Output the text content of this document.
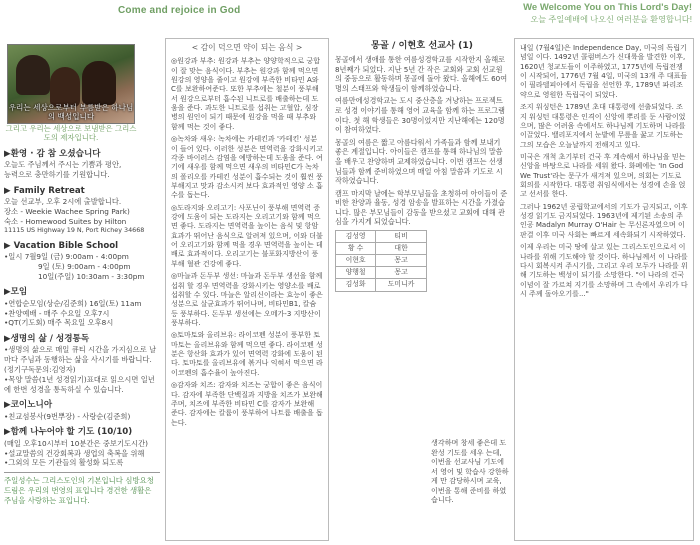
Come and rejoice in God	We Welcome You on This Lord's Day!
오늘 주일예배에 나오신 여러분을 환영합니다!
우리는 세상으로부터 부름받은 하나님의 백성입니다
그리고 우리는 세상으로 보냄받은 그리스도의 제자입니다.
▶환영 · 감 참 오셨습니다

오늘도 주님께서 주시는 기쁨과 평안,

능력으로 충만하기를 기원합니다.

▶ Family Retreat

오늘 선교부, 오후 2시에 출발합니다.

장소 - Weekie Wachee Spring Park)

숙소 - Homewood Suites by Hilton

11115 US Highway 19 N, Port Richey 34668

▶ Vacation Bible School

•일시 7월9일 (금) 9:00am - 4:00pm

9일 (토) 9:00am - 4:00pm

10일(주일) 10:30am - 3:30pm

▶모임

•연합순모임(상순/김준희) 16일(토) 11am

•찬양예배 - 매주 수요일 오후7시

•QT(기도회) 매주 목요일 오후8시

▶생명의 삶 / 성경통독

•생명의 삶으로 매일 큐티 시간을 가지심으로 날마다 주님과 동행하는 삶을 사시기를 바랍니다.(정기구독문의:김영자)

•목양 말씀(1년 성경읽기)표대로 읽으시면 일년에 한번 성경을 통독하실 수 있습니다.

▶코이노니아

•친교섬봉사(9번뿌장) - 사랑순(김준희)

▶함께 나누어야 할 기도 (10/10)

(매일 오후10시부터 10분간은 중보기도시간)

•설교말씀의 건강회복과 생업의 축복을 위해

•그외의 모든 기관들의 활성화 되도록

주일성수는 그리스도인의 기본입니다 심방요청 드림은 우리의 번영의 표입니다 경건한 생활은 주님을 사랑하는 표입니다.
< 감이 덕으면 약이 되는 음식 >

◎원강과 부추: 원강과 부추는 양양학적으로 궁합이 잘 맞는 음식이다. 부추는 원강과 함께 먹으면 원강의 영양을 줄이고 원강에 부족한 비타민 A와 C를 보완하여준다. 또한 부추에는 철분이 풍부해서 원강으로부터 흡수된 니트로를 배출하는데 도움을 준다. 과도한 니트로를 섭취는 고혈압, 심장병의 원인이 되기 때문에 원강을 먹을 때 부추와 함께 먹는 것이 좋다.

◎녹차와 새우: 녹차에는 카테킨과 '카테킨' 성분이 들어 있다. 이러한 성분은 면역력을 강화시키고 각종 바이러스 감염을 예방하는데 도움을 준다. 여기에 새우를 함께 먹으면 새우의 비타민C가 녹차의 폴리오를 카테킨 성분이 흡수되는 것이 훨씬 풍부해지고 맛과 감소시켜 보다 효과적인 영양 소 흡수를 돕는다.

◎도라지와 오리고기: 사포닌이 풍부해 면역력 증강에 도움이 되는 도라지는 오리고기와 함께 먹으면 좋다. 도라지는 면역력을 높이는 음식 및 항암효과가 뛰어난 음식으로 알려져 있으며, 이와 더불어 오리고기와 함께 먹을 경우 면역력을 높이는 데 배로 효과적이다. 오리고기는 불포화지방산이 풍부해 혈관 건강에 좋다.

◎마늘과 돈두부 생선: 마늘과 돈두부 생선을 함께 섭취 할 경우 면역력을 강화시키는 영양소를 배로 섭취할 수 있다. 마늘은 알리신이라는 효능이 좋은 성분으로 살균효과가 뛰어나며, 비타민B1, 칼슘 등 풍부하다. 돈두부 생선에는 오메가-3 지방산이 풍부하다.

◎토마토와 올리브유: 라이코펜 성분이 풍부한 토마토는 올리브유와 함께 먹으면 좋다. 라이코펜 성분은 항산화 효과가 있어 면역력 강화에 도움이 된다. 토마토를 올리브유에 볶거나 익혀서 먹으면 라이코펜의 흡수율이 높아진다.

◎감자와 치즈: 감자와 치즈는 궁합이 좋은 음식이다. 감자에 부족한 단백질과 지방을 치즈가 보완해 주며, 치즈에 부족한 비타민 C를 감자가 보완해 준다. 감자에는 칼륨이 풍부하여 나트륨 배출을 돕는다.

몽골 / 이현호 선교사 (1)

몽골에서 생애를 통한 여름성경학교를 시작한지 올해로 8년째가 되었다. 지난 5년 간 작은 교회와 교회 선교원의 중등으로 활동하며 몽골에 돌아 왔다. 올해에도 60여명의 스태프와 학생들이 함께하였습니다.

여름만에성경학교는 도시 중산층을 겨냥하는 프로젝트로 성경 이야기를 통해 영어 교육을 함께 하는 프로그램이다. 첫 해 학생들은 30명이었지만 지난해에는 120명이 참여하였다.

몽골의 여름은 짧고 아름다워서 가족들과 함께 보내기 좋은 계절입니다. 아이들은 캠프를 통해 하나님의 말씀을 배우고 찬양하며 교제하였습니다. 이번 캠프는 선생님들과 함께 준비하였으며 매일 아침 말씀과 기도로 시작하였습니다.

캠프 마지막 날에는 학부모님들을 초청하여 아이들이 준비한 찬양과 율동, 성경 암송을 발표하는 시간을 가졌습니다. 많은 부모님들이 감동을 받으셨고 교회에 대해 관심을 가지게 되었습니다.

김성영	티비
황 수	대한
이현호	몽고
양행철	몽고
김성화	도미니카
생각하며 창세 좋은데 도 완성 기도를 세우 는데, 이번을 선교사님 기도에서 영어 및 학습사 강한하게 만 감당하시며 교육, 이번을 통해 준비를 하였 습니다.

내일 (7월4일)은 Independence Day, 미국의 독립기념일 이다. 1492년 콜럼버스가 신대륙을 발견한 이후, 1620년 청교도들이 이주하였고, 1775년에 독립전쟁이 시작되어, 1776년 7월 4일, 미국의 13개 주 대표들이 필라델피아에서 독립을 선언한 후, 1789년 파리조약으로 영원한 독립국이 되었다.

조지 워싱턴은 1789년 초대 대통령에 선출되었다. 조지 워싱턴 대통령은 인격이 신앙에 뿌리를 둔 사람이었으며, 많은 어려움 속에서도 하나님께 기도하며 나라를 이끌었다. 밸리포지에서 눈밭에 무릎을 꿇고 기도하는 그의 모습은 오늘날까지 전해지고 있다.

미국은 개척 초기부터 건국 후 계속해서 하나님을 믿는 신앙을 바탕으로 나라를 세워 왔다. 화폐에는 'In God We Trust'라는 문구가 새겨져 있으며, 의회는 기도로 회의를 시작한다. 대통령 취임식에서는 성경에 손을 얹고 선서를 한다.

그러나 1962년 공립학교에서의 기도가 금지되고, 이후 성경 읽기도 금지되었다. 1963년에 제기된 소송의 주인공 Madalyn Murray O'Hair 는 무신론자였으며 이 판결 이후 미국 사회는 빠르게 세속화되기 시작하였다.

이제 우리는 미국 땅에 살고 있는 그리스도인으로서 이 나라를 위해 기도해야 할 것이다. 하나님께서 이 나라를 다시 회복시켜 주시기를, 그리고 우리 모두가 나라를 위해 기도하는 백성이 되기를 소망한다. "이 나라의 건국이념이 잘 가르쳐 지기를 소망하며 그 속에서 우리가 다시 주께 돌아오기를..."
